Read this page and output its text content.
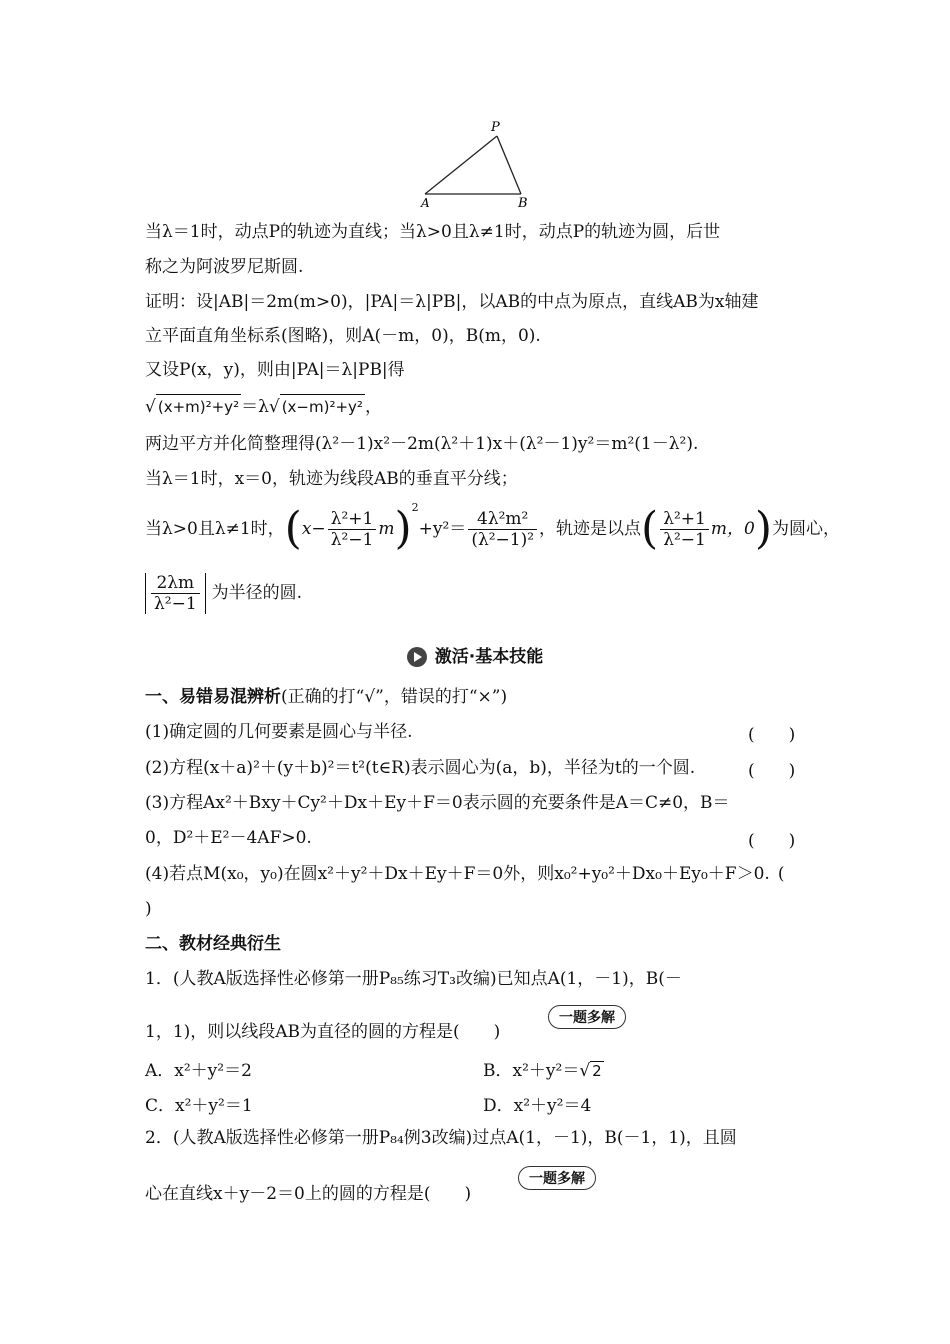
P
A	B
当λ＝1时，动点P的轨迹为直线；当λ>0且λ≠1时，动点P的轨迹为圆，后世
称之为阿波罗尼斯圆.
证明：设|AB|＝2m(m>0)，|PA|＝λ|PB|，以AB的中点为原点，直线AB为x轴建
立平面直角坐标系(图略)，则A(－m，0)，B(m，0).
又设P(x，y)，则由|PA|＝λ|PB|得
√ (x+m)²+y² ＝λ√ (x−m)²+y² ，
两边平方并化简整理得(λ²－1)x²－2m(λ²＋1)x＋(λ²－1)y²＝m²(1－λ²).
当λ＝1时，x＝0，轨迹为线段AB的垂直平分线；
当λ>0且λ≠1时， ( $x- \frac{\text{λ²+1}}{\text{λ²−1}}$ m ) 2
$+y^2= \frac{\text{4λ²m²}}{\text{(λ²−1)²}}$ ，轨迹是以点 ( $\frac{\text{λ²+1}}{\text{λ²−1}}$ m，0 ) 为圆心，
$\frac{2\lambda m}{\text{λ²−1}}$ 为半径的圆.
激活·基本技能
一、易错易混辨析(正确的打“√”，错误的打“×”)
(1)确定圆的几何要素是圆心与半径.	(　　)
(2)方程(x＋a)²＋(y＋b)²＝t²(t∈R)表示圆心为(a，b)，半径为t的一个圆.	(　　)
(3)方程Ax²＋Bxy＋Cy²＋Dx＋Ey＋F＝0表示圆的充要条件是A＝C≠0，B＝
0，D²＋E²－4AF>0.	(　　)
(4)若点M(x₀，y₀)在圆x²＋y²＋Dx＋Ey＋F＝0外，则x₀²+y₀²＋Dx₀＋Ey₀＋F＞0. (
)
二、教材经典衍生
1．(人教A版选择性必修第一册P₈₅练习T₃改编)已知点A(1，－1)，B(－
1，1)，则以线段AB为直径的圆的方程是(　　)
一题多解
A．x²＋y²＝2	B．x²＋y²＝√ 2
C．x²＋y²＝1	D．x²＋y²＝4
2．(人教A版选择性必修第一册P₈₄例3改编)过点A(1，－1)，B(－1，1)，且圆
心在直线x＋y－2＝0上的圆的方程是(　　)
一题多解
